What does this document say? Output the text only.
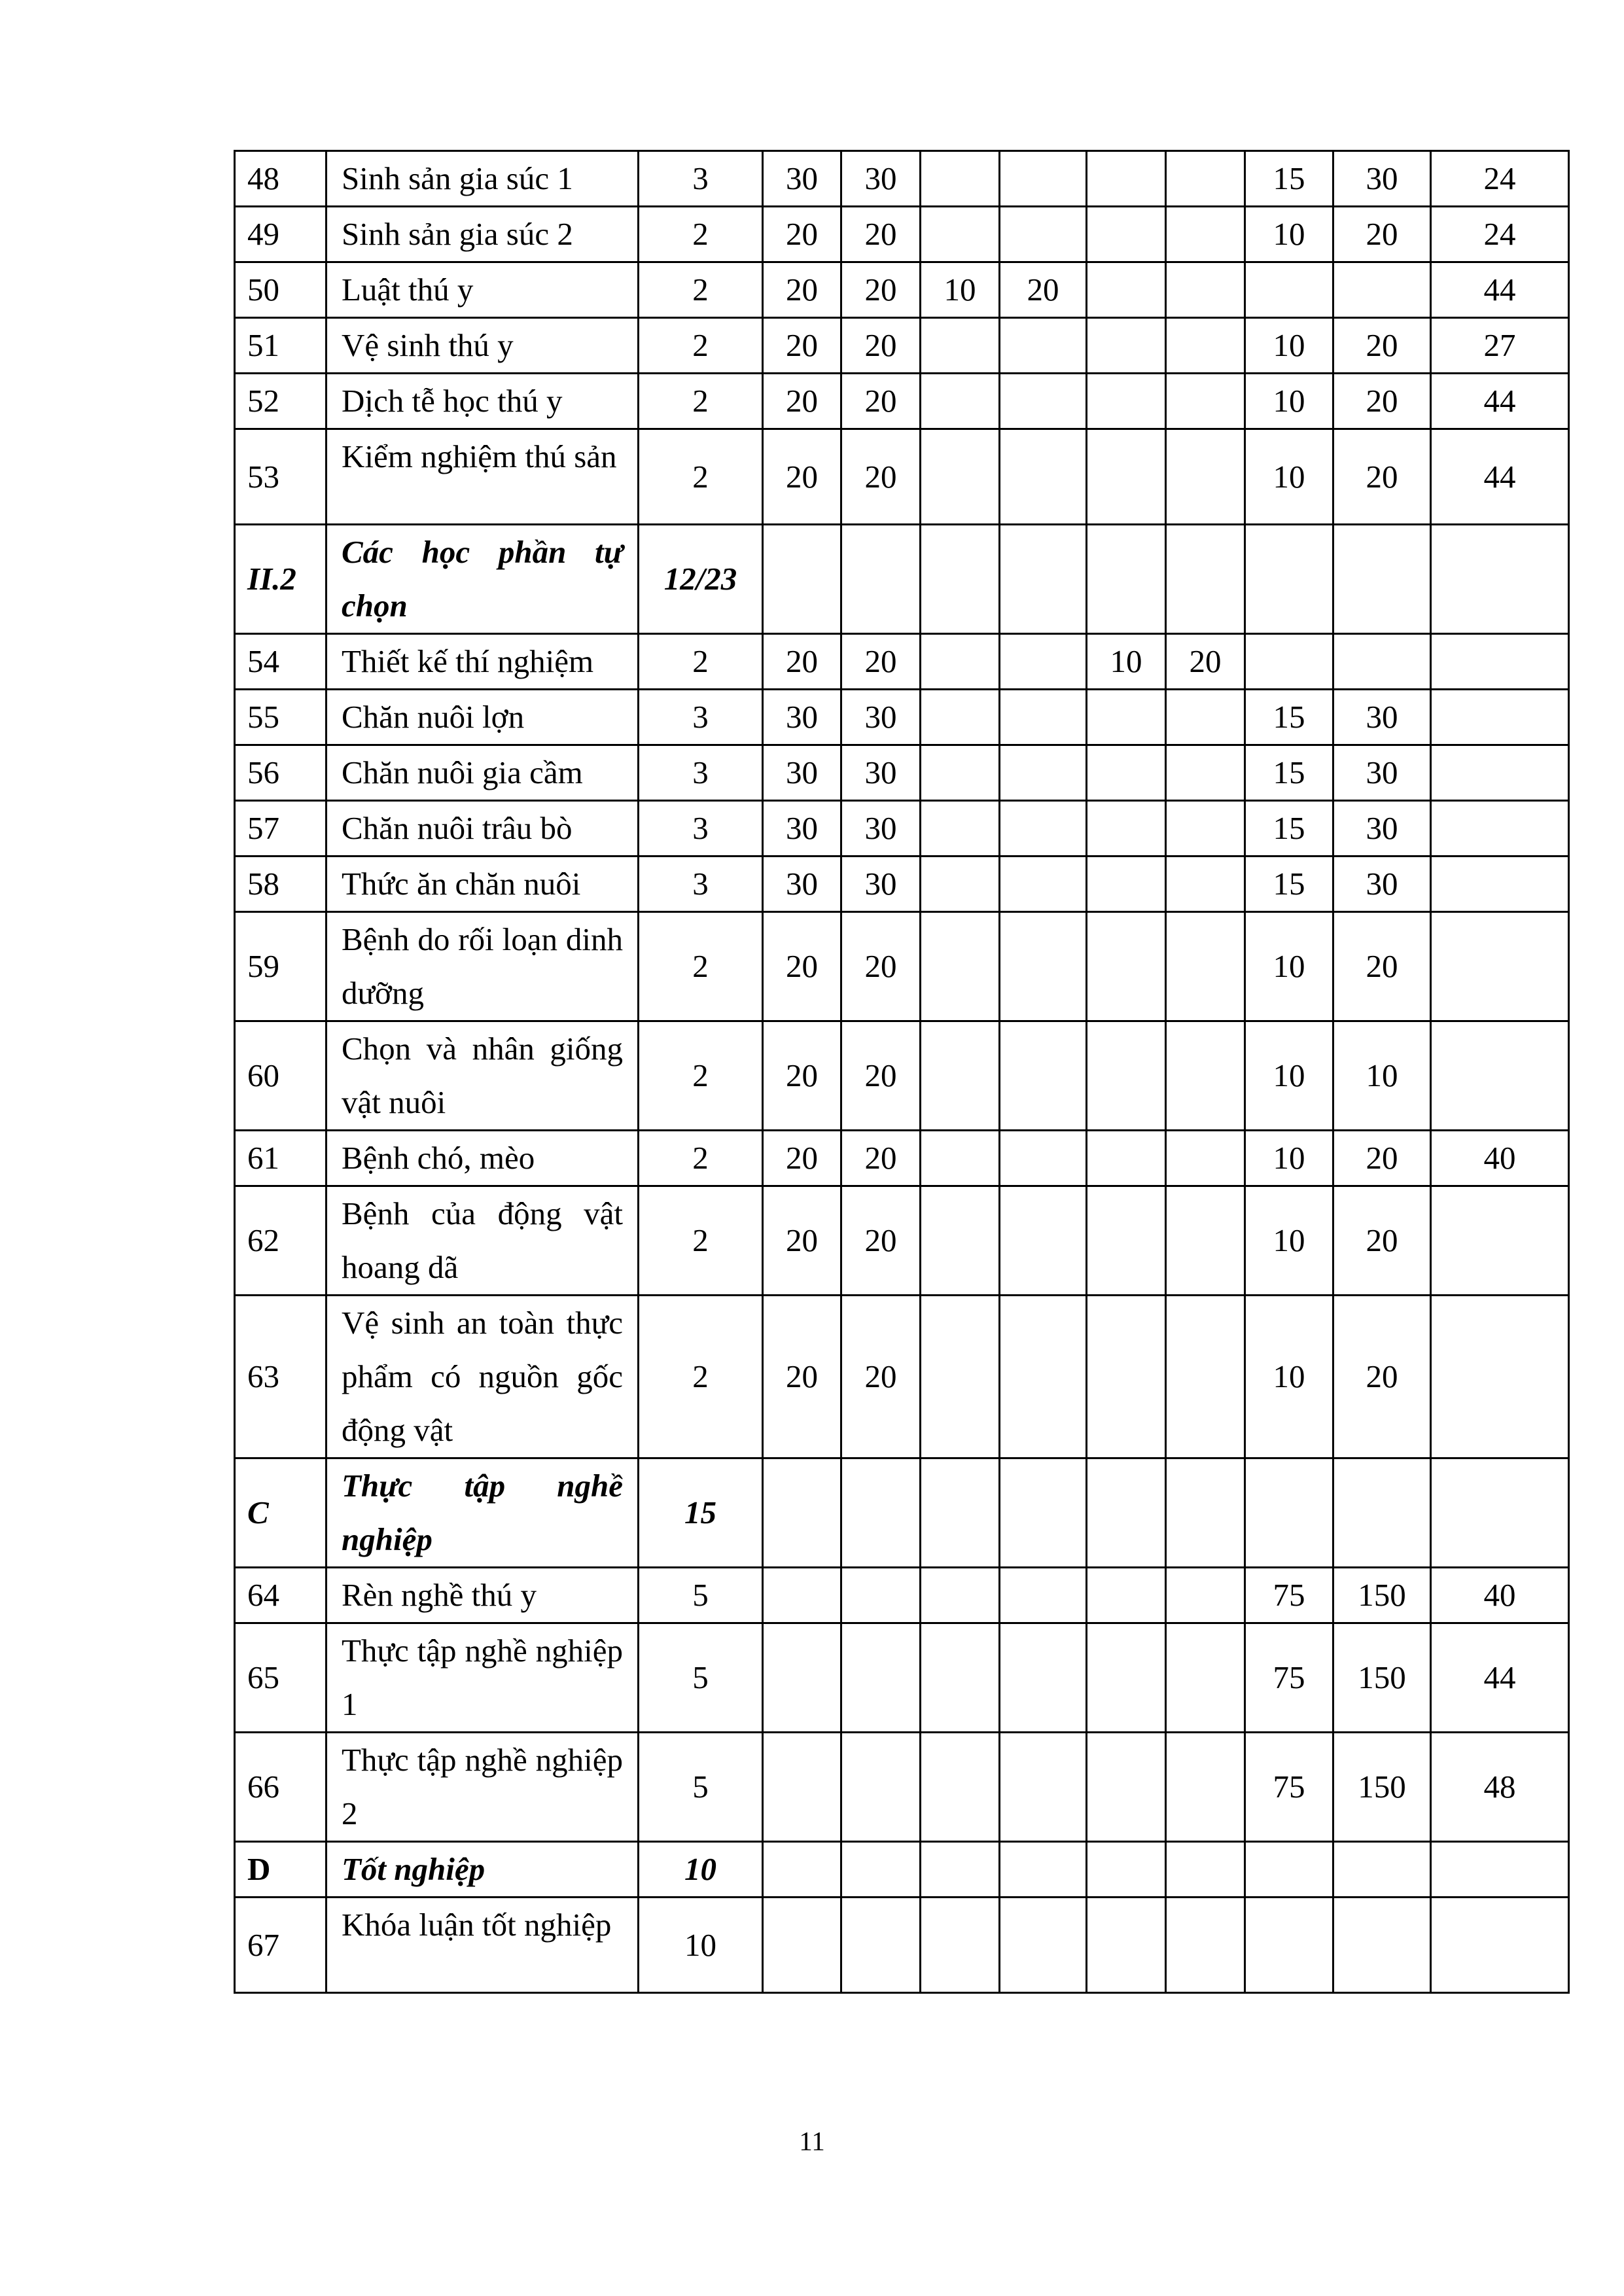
48	Sinh sản gia súc 1	3	30	30					15	30	24
49	Sinh sản gia súc 2	2	20	20					10	20	24
50	Luật thú y	2	20	20	10	20					44
51	Vệ sinh thú y	2	20	20					10	20	27
52	Dịch tễ học thú y	2	20	20					10	20	44
53	Kiểm nghiệm thú sản	2	20	20					10	20	44
II.2	Các học phần tự chọn	12/23									
54	Thiết kế thí nghiệm	2	20	20			10	20			
55	Chăn nuôi lợn	3	30	30					15	30	
56	Chăn nuôi gia cầm	3	30	30					15	30	
57	Chăn nuôi trâu bò	3	30	30					15	30	
58	Thức ăn chăn nuôi	3	30	30					15	30	
59	Bệnh do rối loạn dinh dưỡng	2	20	20					10	20	
60	Chọn và nhân giống vật nuôi	2	20	20					10	10	
61	Bệnh chó, mèo	2	20	20					10	20	40
62	Bệnh của động vật hoang dã	2	20	20					10	20	
63	Vệ sinh an toàn thực phẩm có nguồn gốc động vật	2	20	20					10	20	
C	Thực tập nghề nghiệp	15									
64	Rèn nghề thú y	5							75	150	40
65	Thực tập nghề nghiệp 1	5							75	150	44
66	Thực tập nghề nghiệp 2	5							75	150	48
D	Tốt nghiệp	10									
67	Khóa luận tốt nghiệp	10									
11
